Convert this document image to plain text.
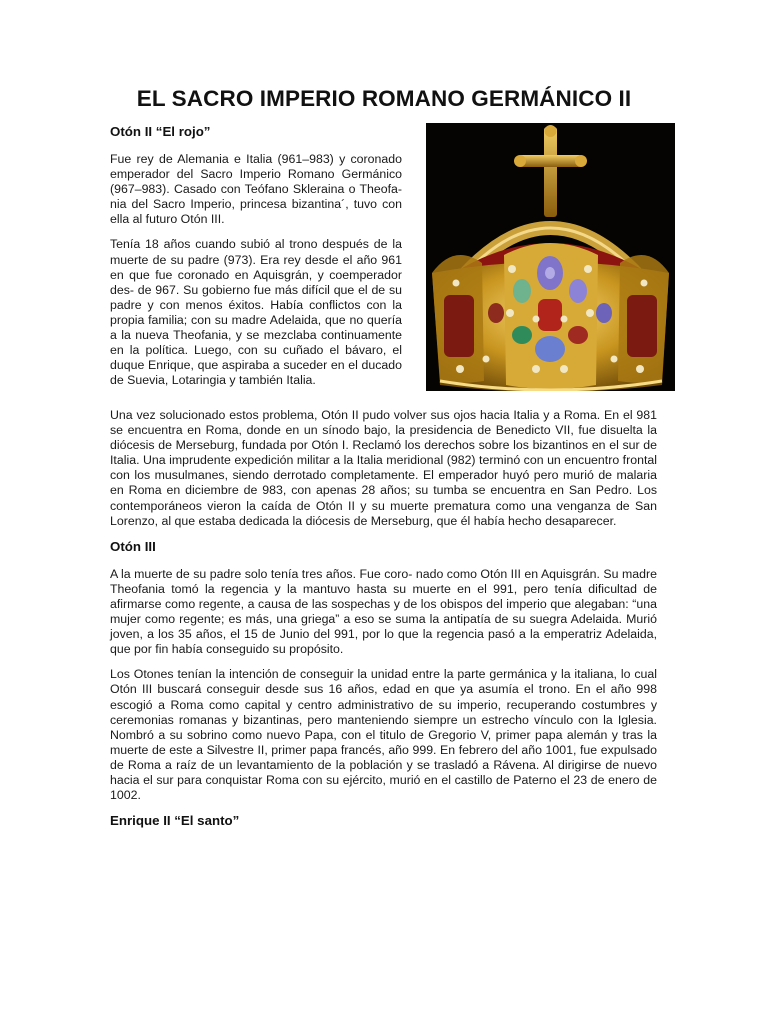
EL SACRO IMPERIO ROMANO GERMÁNICO II
Otón II “El rojo”

Fue rey de Alemania e Italia (961–983) y coronado emperador del Sacro Imperio Romano Germánico (967–983). Casado con Teófano Skleraina o Theofa- nia del Sacro Imperio, princesa bizantina´, tuvo con ella al futuro Otón III.

Tenía 18 años cuando subió al trono después de la muerte de su padre (973). Era rey desde el año 961 en que fue coronado en Aquisgrán, y coemperador des- de 967. Su gobierno fue más difícil que el de su padre y con menos éxitos. Había conflictos con la propia familia; con su madre Adelaida, que no quería a la nueva Theofania, y se mezclaba continuamente en la política. Luego, con su cuñado el bávaro, el duque Enrique, que aspiraba a suceder en el ducado de Suevia, Lotaringia y también Italia.

Una vez solucionado estos problema, Otón II pudo volver sus ojos hacia Italia y a Roma. En el 981 se encuentra en Roma, donde en un sínodo bajo, la presidencia de Benedicto VII, fue disuelta la diócesis de Merseburg, fundada por Otón I. Reclamó los derechos sobre los bizantinos en el sur de Italia. Una imprudente expedición militar a la Italia meridional (982) terminó con un encuentro frontal con los musulmanes, siendo derrotado completamente. El emperador huyó pero murió de malaria en Roma en diciembre de 983, con apenas 28 años; su tumba se encuentra en San Pedro. Los contemporáneos vieron la caída de Otón II y su muerte prematura como una venganza de San Lorenzo, al que estaba dedicada la diócesis de Merseburg, que él había hecho desaparecer.

Otón III

A la muerte de su padre solo tenía tres años. Fue coro- nado como Otón III en Aquisgrán. Su madre Theofania tomó la regencia y la mantuvo hasta su muerte en el 991, pero tenía dificultad de afirmarse como regente, a causa de las sospechas y de los obispos del imperio que alegaban: “una mujer como regente; es más, una griega” a eso se suma la antipatía de su suegra Adelaida. Murió joven, a los 35 años, el 15 de Junio del 991, por lo que la regencia pasó a la emperatriz Adelaida, que por fin había conseguido su propósito.

Los Otones tenían la intención de conseguir la unidad entre la parte germánica y la italiana, lo cual Otón III buscará conseguir desde sus 16 años, edad en que ya asumía el trono. En el año 998 escogió a Roma como capital y centro administrativo de su imperio, recuperando costumbres y ceremonias romanas y bizantinas, pero manteniendo siempre un estrecho vínculo con la Iglesia. Nombró a su sobrino como nuevo Papa, con el titulo de Gregorio V, primer papa alemán y tras la muerte de este a Silvestre II, primer papa francés, año 999. En febrero del año 1001, fue expulsado de Roma a raíz de un levantamiento de la población y se trasladó a Rávena. Al dirigirse de nuevo hacia el sur para conquistar Roma con su ejército, murió en el castillo de Paterno el 23 de enero de 1002.

Enrique II “El santo”
